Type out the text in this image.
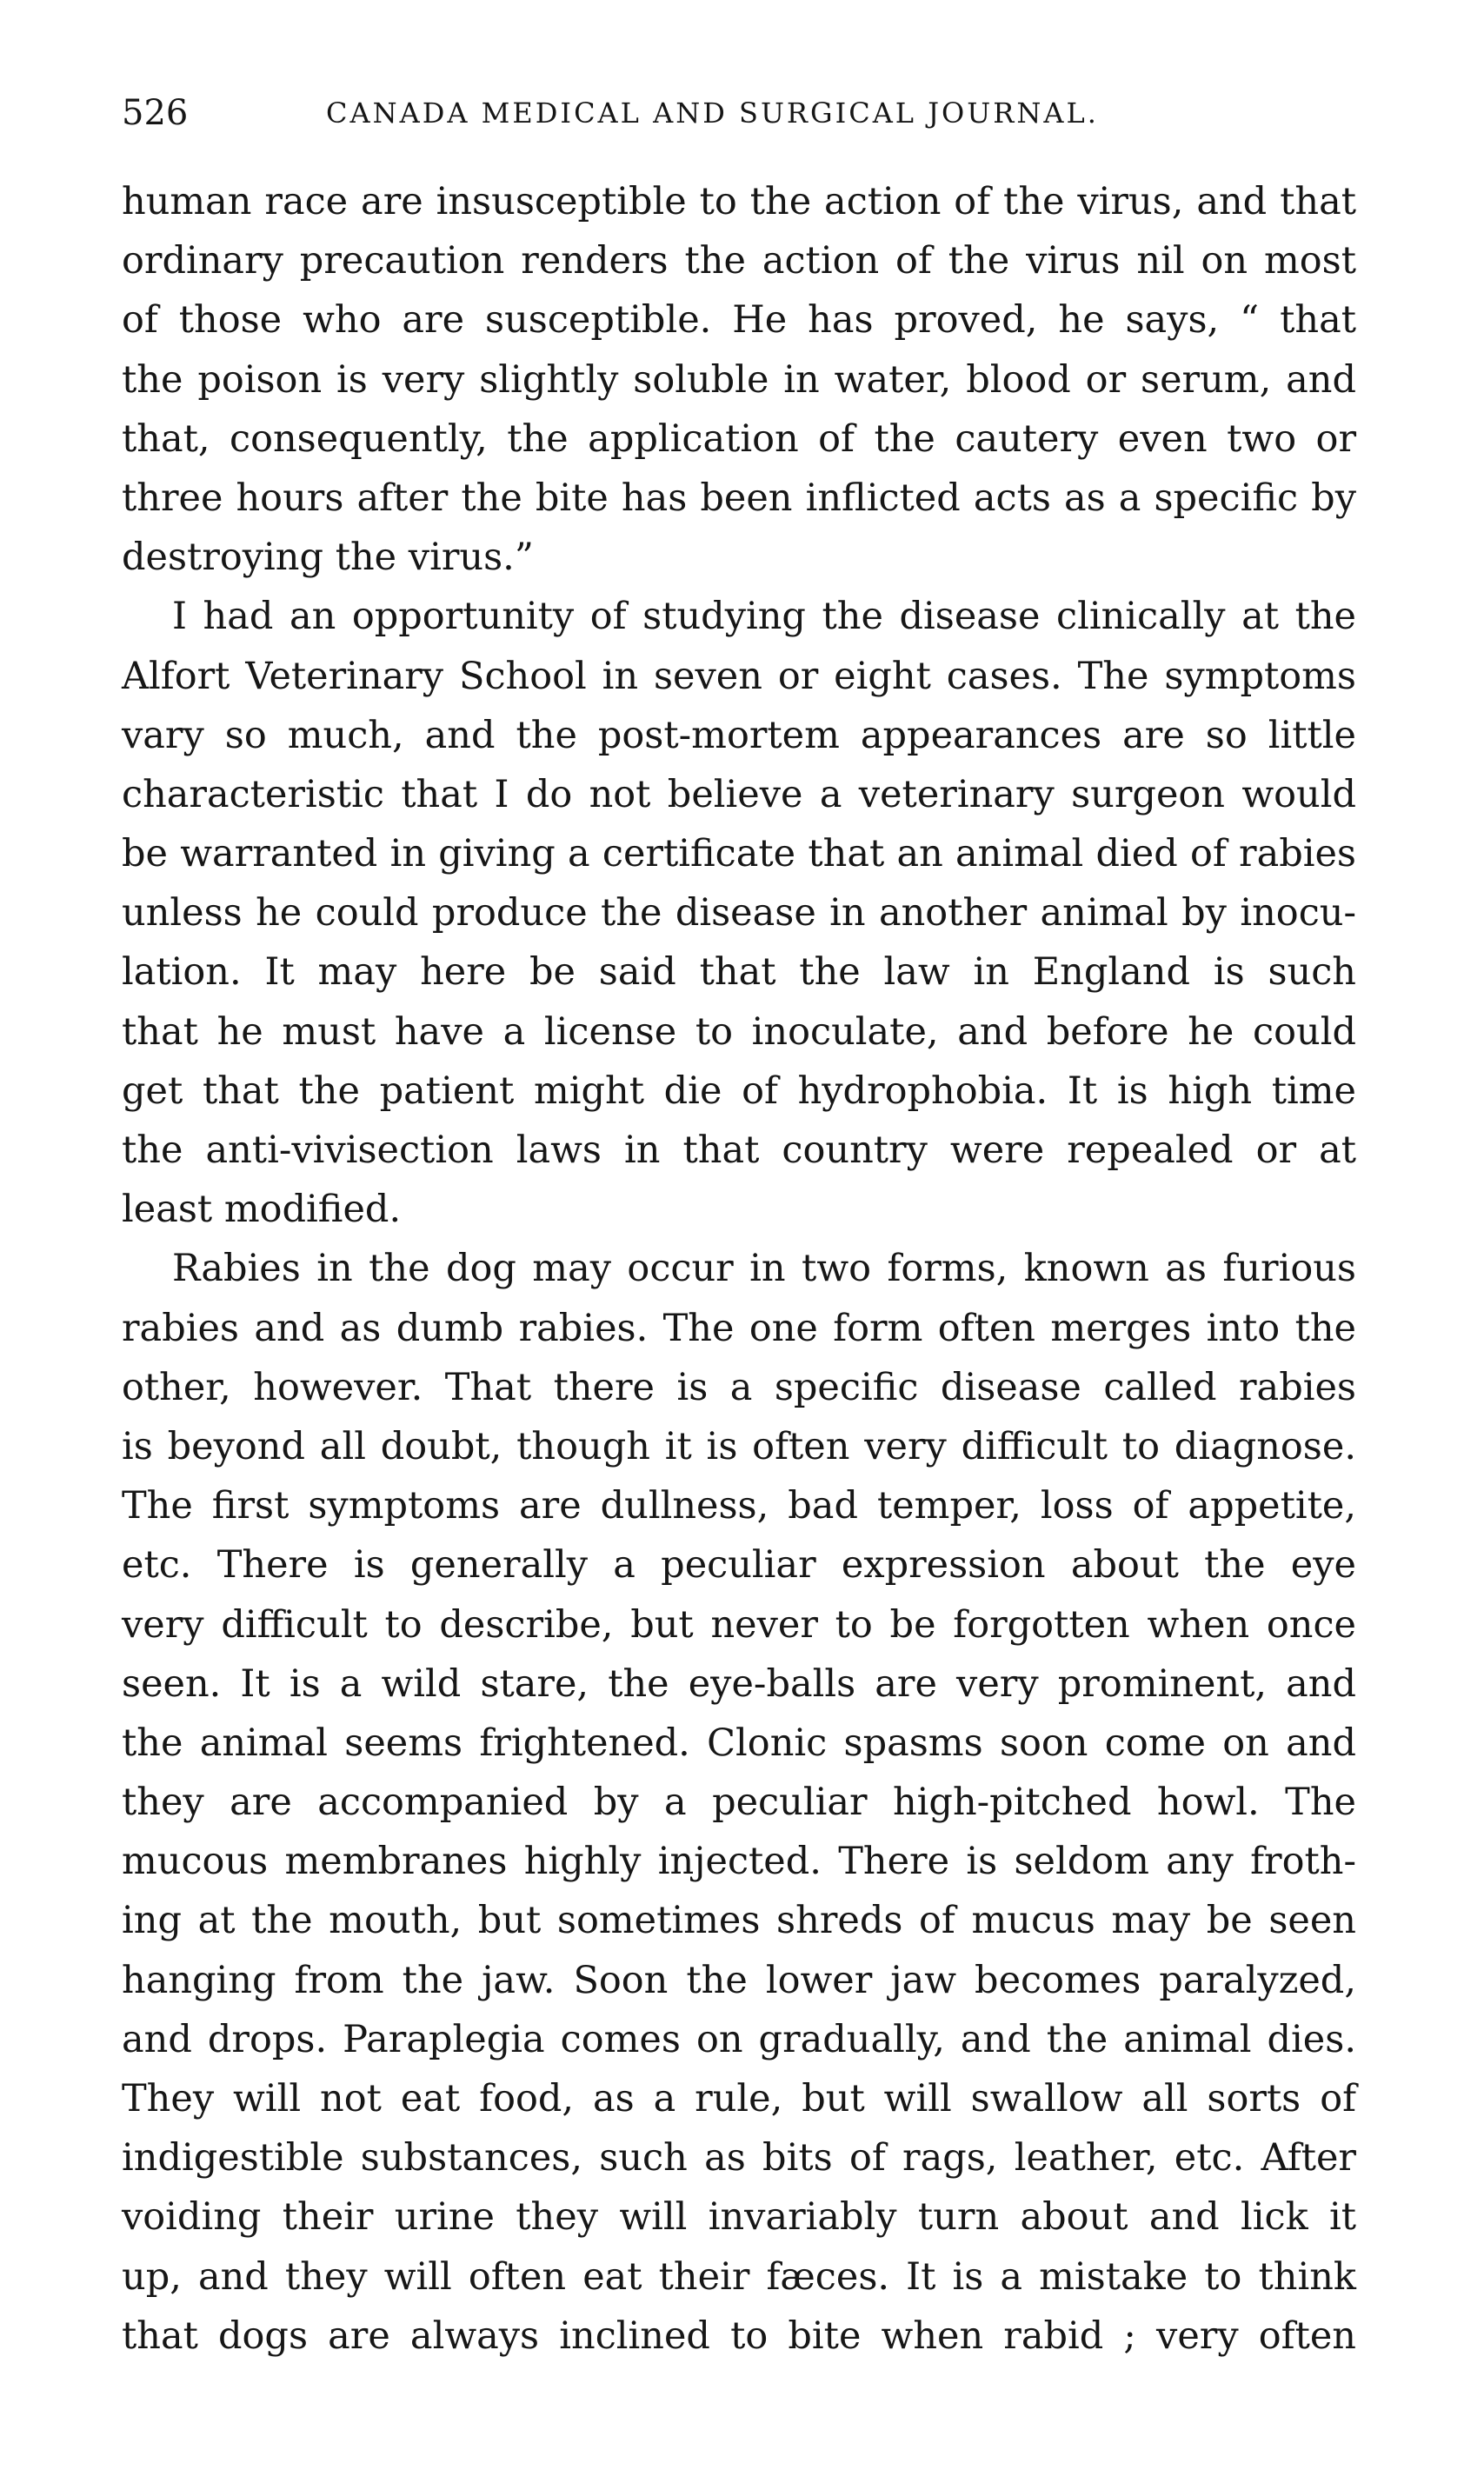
526	CANADA MEDICAL AND SURGICAL JOURNAL.

human race are insusceptible to the action of the virus, and that
ordinary precaution renders the action of the virus nil on most
of those who are susceptible. He has proved, he says, “ that
the poison is very slightly soluble in water, blood or serum, and
that, consequently, the application of the cautery even two or
three hours after the bite has been inflicted acts as a specific by
destroying the virus.”

I had an opportunity of studying the disease clinically at the
Alfort Veterinary School in seven or eight cases. The symptoms
vary so much, and the post-mortem appearances are so little
characteristic that I do not believe a veterinary surgeon would
be warranted in giving a certificate that an animal died of rabies
unless he could produce the disease in another animal by inocu-
lation. It may here be said that the law in England is such
that he must have a license to inoculate, and before he could
get that the patient might die of hydrophobia. It is high time
the anti-vivisection laws in that country were repealed or at
least modified.

Rabies in the dog may occur in two forms, known as furious
rabies and as dumb rabies. The one form often merges into the
other, however. That there is a specific disease called rabies
is beyond all doubt, though it is often very difficult to diagnose.
The first symptoms are dullness, bad temper, loss of appetite,
etc. There is generally a peculiar expression about the eye
very difficult to describe, but never to be forgotten when once
seen. It is a wild stare, the eye-balls are very prominent, and
the animal seems frightened. Clonic spasms soon come on and
they are accompanied by a peculiar high-pitched howl. The
mucous membranes highly injected. There is seldom any froth-
ing at the mouth, but sometimes shreds of mucus may be seen
hanging from the jaw. Soon the lower jaw becomes paralyzed,
and drops. Paraplegia comes on gradually, and the animal dies.
They will not eat food, as a rule, but will swallow all sorts of
indigestible substances, such as bits of rags, leather, etc. After
voiding their urine they will invariably turn about and lick it
up, and they will often eat their fæces. It is a mistake to think
that dogs are always inclined to bite when rabid ; very often
